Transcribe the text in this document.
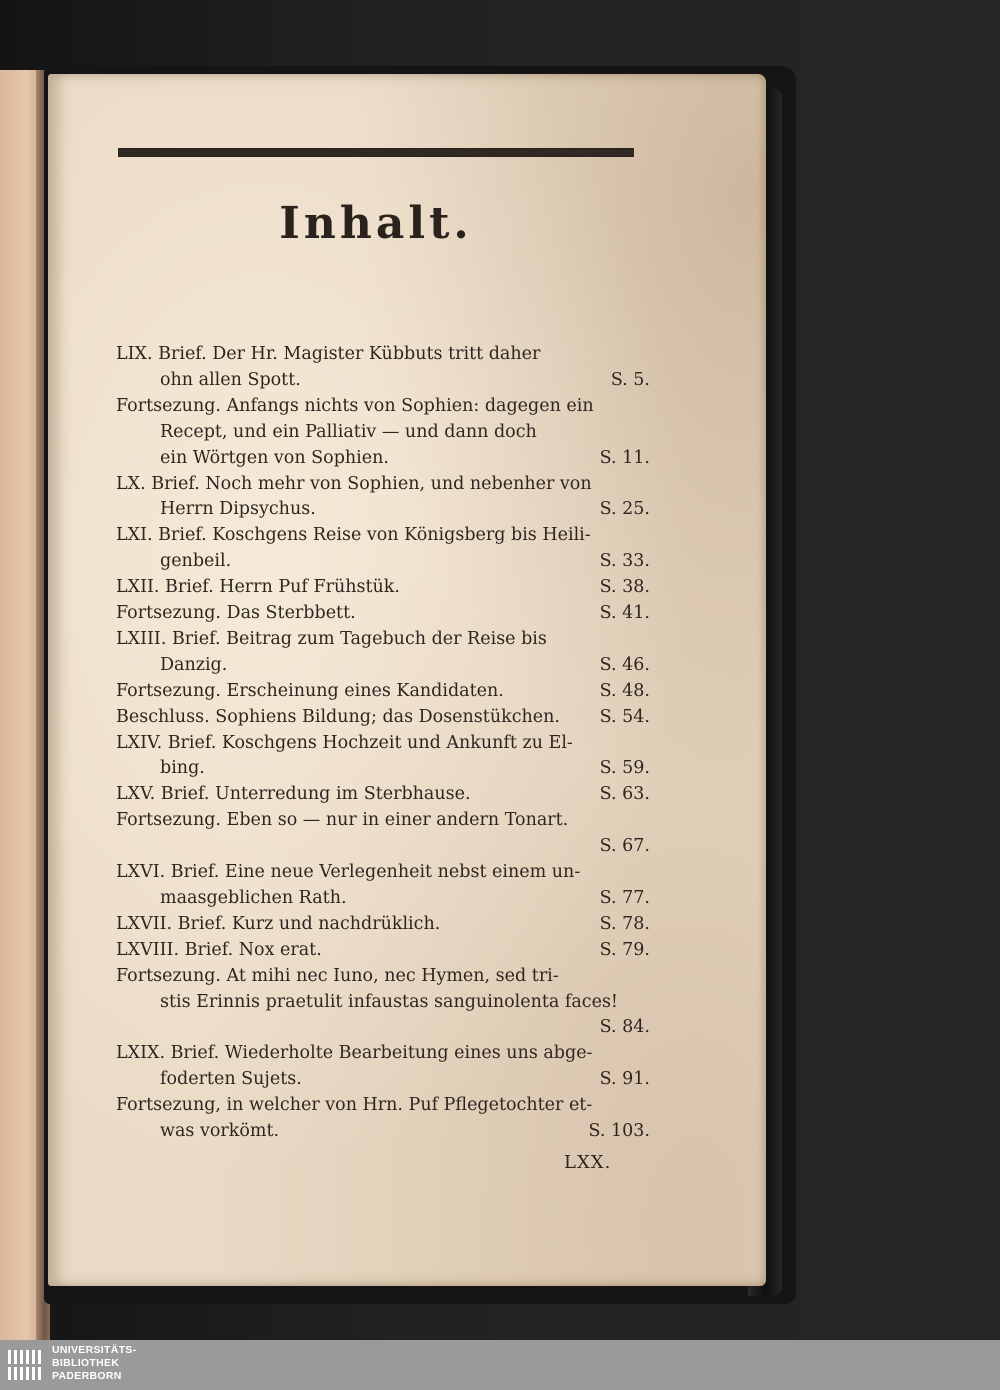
Inhalt.
LXX.
UNIVERSITÄTS-
BIBLIOTHEK
PADERBORN
LIX. Brief. Der Hr. Magister Kübbuts tritt daher
ohn allen Spott.	S. 5.
Fortsezung. Anfangs nichts von Sophien: dagegen ein
Recept, und ein Palliativ — und dann doch
ein Wörtgen von Sophien.	S. 11.
LX. Brief. Noch mehr von Sophien, und nebenher von
Herrn Dipsychus.	S. 25.
LXI. Brief. Koschgens Reise von Königsberg bis Heili-
genbeil.	S. 33.
LXII. Brief. Herrn Puf Frühstük.	S. 38.
Fortsezung. Das Sterbbett.	S. 41.
LXIII. Brief. Beitrag zum Tagebuch der Reise bis
Danzig.	S. 46.
Fortsezung. Erscheinung eines Kandidaten.	S. 48.
Beschluss. Sophiens Bildung; das Dosenstükchen. S. 54.
LXIV. Brief. Koschgens Hochzeit und Ankunft zu El-
bing.	S. 59.
LXV. Brief. Unterredung im Sterbhause.	S. 63.
Fortsezung. Eben so — nur in einer andern Tonart.
S. 67.
LXVI. Brief. Eine neue Verlegenheit nebst einem un-
maasgeblichen Rath.	S. 77.
LXVII. Brief. Kurz und nachdrüklich.	S. 78.
LXVIII. Brief. Nox erat.	S. 79.
Fortsezung. At mihi nec Iuno, nec Hymen, sed tri-
stis Erinnis praetulit infaustas sanguinolenta faces!
S. 84.
LXIX. Brief. Wiederholte Bearbeitung eines uns abge-
foderten Sujets.	S. 91.
Fortsezung, in welcher von Hrn. Puf Pflegetochter et-
was vorkömt.	S. 103.
